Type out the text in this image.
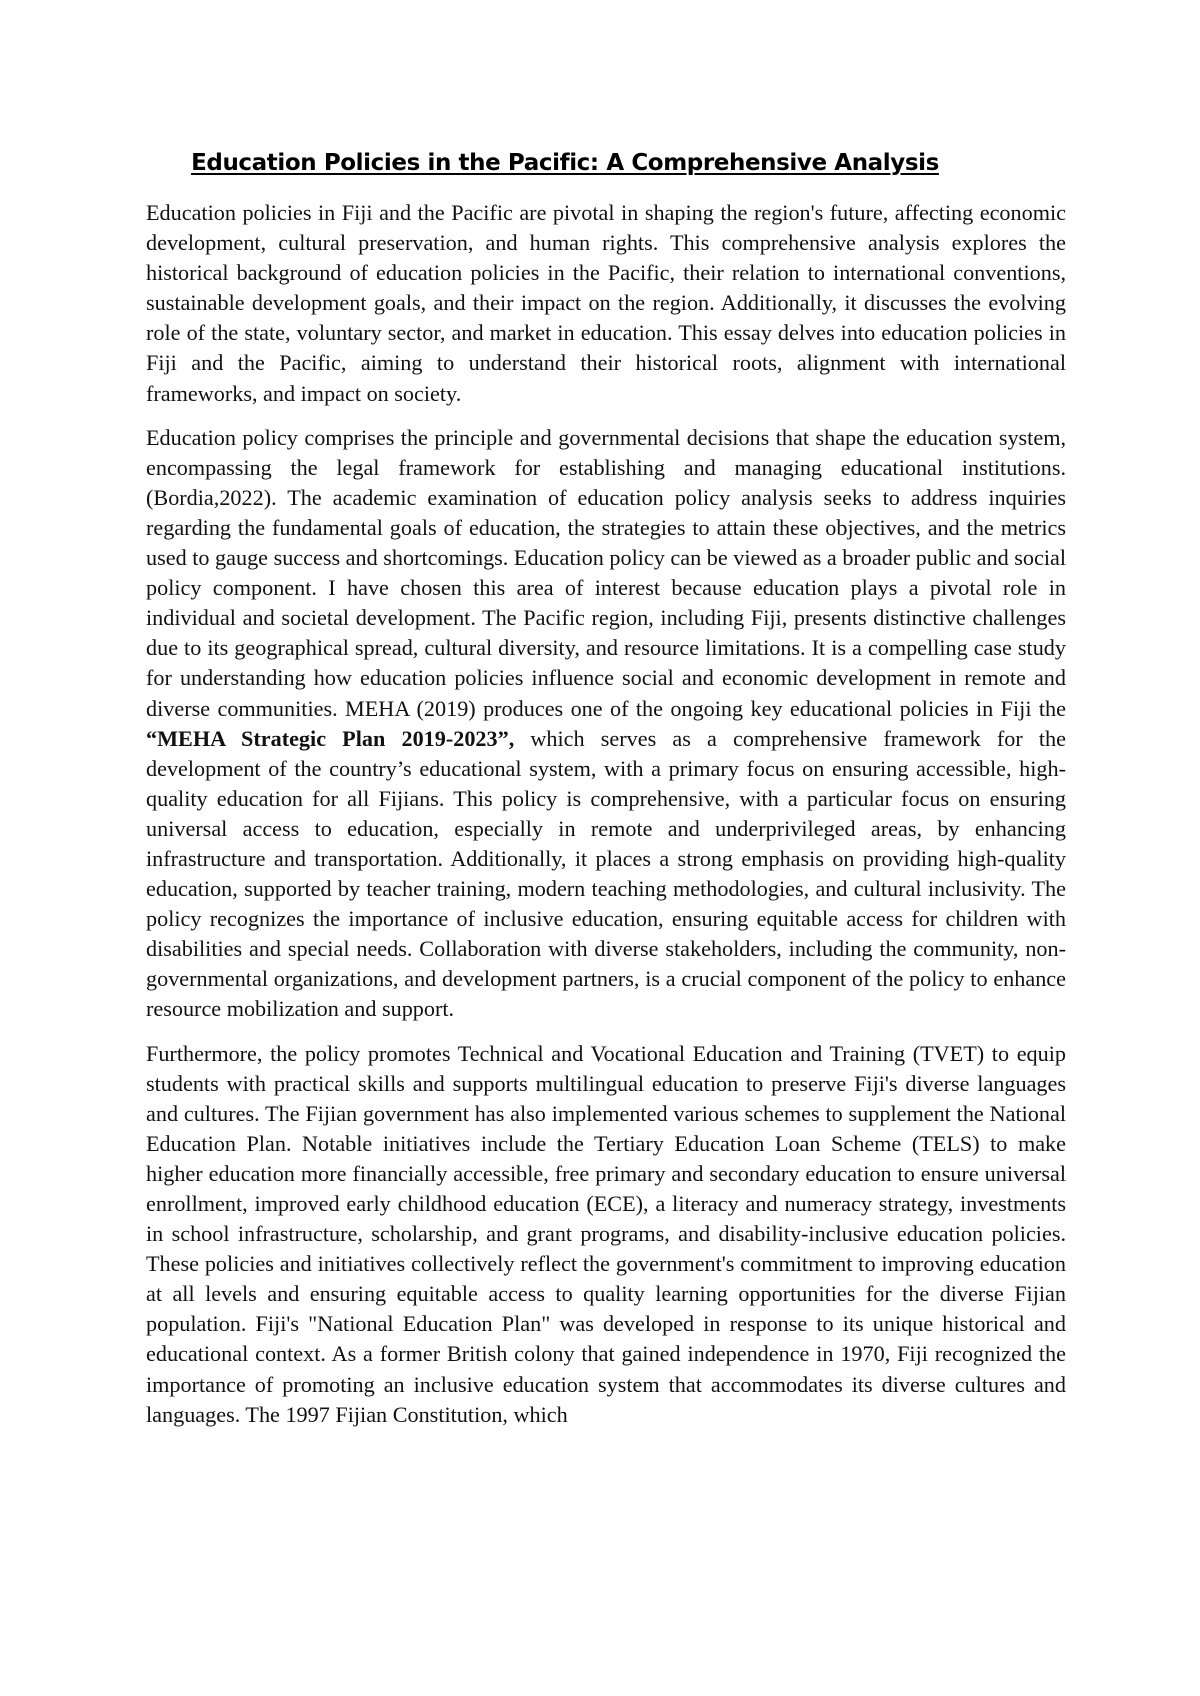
Education Policies in the Pacific: A Comprehensive Analysis

Education policies in Fiji and the Pacific are pivotal in shaping the region's future, affecting economic development, cultural preservation, and human rights. This comprehensive analysis explores the historical background of education policies in the Pacific, their relation to international conventions, sustainable development goals, and their impact on the region. Additionally, it discusses the evolving role of the state, voluntary sector, and market in education. This essay delves into education policies in Fiji and the Pacific, aiming to understand their historical roots, alignment with international frameworks, and impact on society.

Education policy comprises the principle and governmental decisions that shape the education system, encompassing the legal framework for establishing and managing educational institutions. (Bordia,2022). The academic examination of education policy analysis seeks to address inquiries regarding the fundamental goals of education, the strategies to attain these objectives, and the metrics used to gauge success and shortcomings. Education policy can be viewed as a broader public and social policy component. I have chosen this area of interest because education plays a pivotal role in individual and societal development. The Pacific region, including Fiji, presents distinctive challenges due to its geographical spread, cultural diversity, and resource limitations. It is a compelling case study for understanding how education policies influence social and economic development in remote and diverse communities. MEHA (2019) produces one of the ongoing key educational policies in Fiji the “MEHA Strategic Plan 2019-2023”, which serves as a comprehensive framework for the development of the country’s educational system, with a primary focus on ensuring accessible, high-quality education for all Fijians. This policy is comprehensive, with a particular focus on ensuring universal access to education, especially in remote and underprivileged areas, by enhancing infrastructure and transportation. Additionally, it places a strong emphasis on providing high-quality education, supported by teacher training, modern teaching methodologies, and cultural inclusivity. The policy recognizes the importance of inclusive education, ensuring equitable access for children with disabilities and special needs. Collaboration with diverse stakeholders, including the community, non-governmental organizations, and development partners, is a crucial component of the policy to enhance resource mobilization and support.

Furthermore, the policy promotes Technical and Vocational Education and Training (TVET) to equip students with practical skills and supports multilingual education to preserve Fiji's diverse languages and cultures. The Fijian government has also implemented various schemes to supplement the National Education Plan. Notable initiatives include the Tertiary Education Loan Scheme (TELS) to make higher education more financially accessible, free primary and secondary education to ensure universal enrollment, improved early childhood education (ECE), a literacy and numeracy strategy, investments in school infrastructure, scholarship, and grant programs, and disability-inclusive education policies. These policies and initiatives collectively reflect the government's commitment to improving education at all levels and ensuring equitable access to quality learning opportunities for the diverse Fijian population. Fiji's "National Education Plan" was developed in response to its unique historical and educational context. As a former British colony that gained independence in 1970, Fiji recognized the importance of promoting an inclusive education system that accommodates its diverse cultures and languages. The 1997 Fijian Constitution, which
